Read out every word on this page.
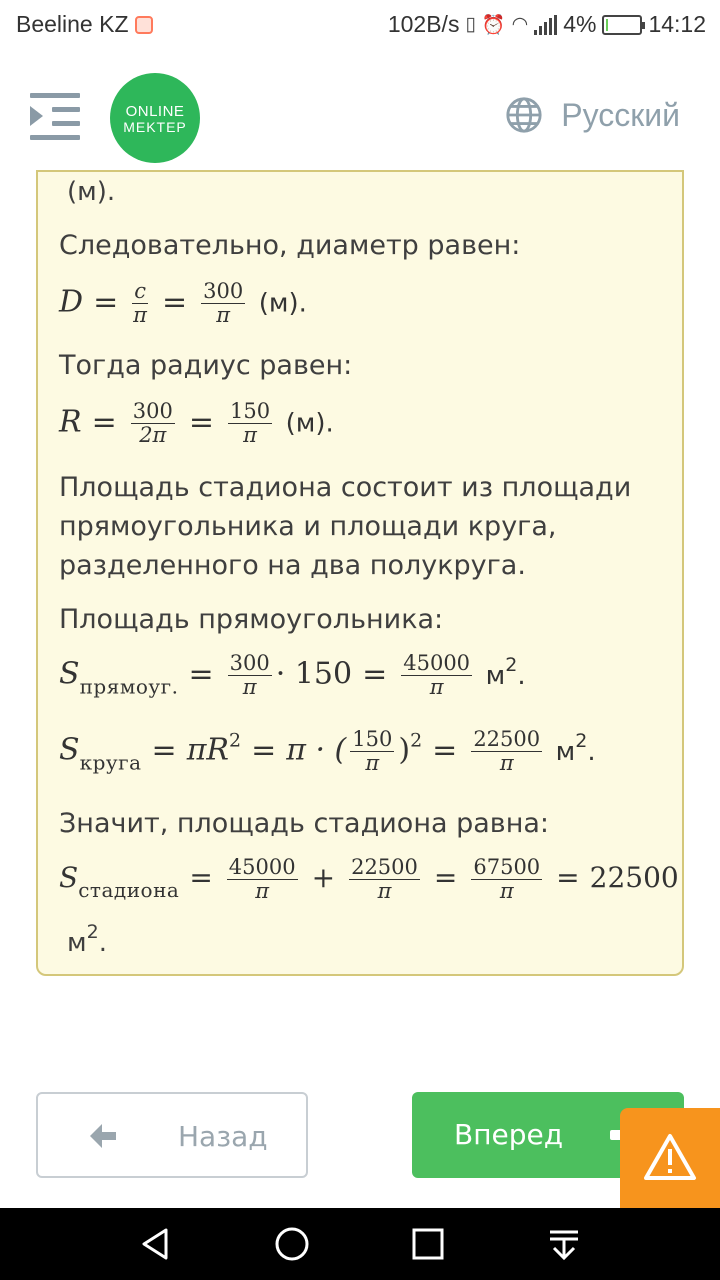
Beeline KZ	102B/s ▯ ⏰ ◠ 4% 14:12
ONLINE
MEKTEP	Русский
(м).
Следовательно, диаметр равен:
$D = \frac{c}{\pi} = \frac{300}{\pi} (м)$.
Тогда радиус равен:
$R = \frac{300}{2\pi} = \frac{150}{\pi} (м)$.
Площадь стадиона состоит из площади
прямоугольника и площади круга,
разделенного на два полукруга.
Площадь прямоугольника:
$S_{прямоуг.} = \frac{300}{\pi} \cdot 150 = \frac{45000}{\pi} м^2$.
$S_{круга} = \pi R^2 = \pi$ · ( $\frac{150}{\pi} )^2 = \frac{22500}{\pi} м^2$.
Значит, площадь стадиона равна:
$S_{стадиона} = \frac{45000}{\pi} + \frac{22500}{\pi} = \frac{67500}{\pi} = 22500$
$м^2$.
Назад	Вперед
